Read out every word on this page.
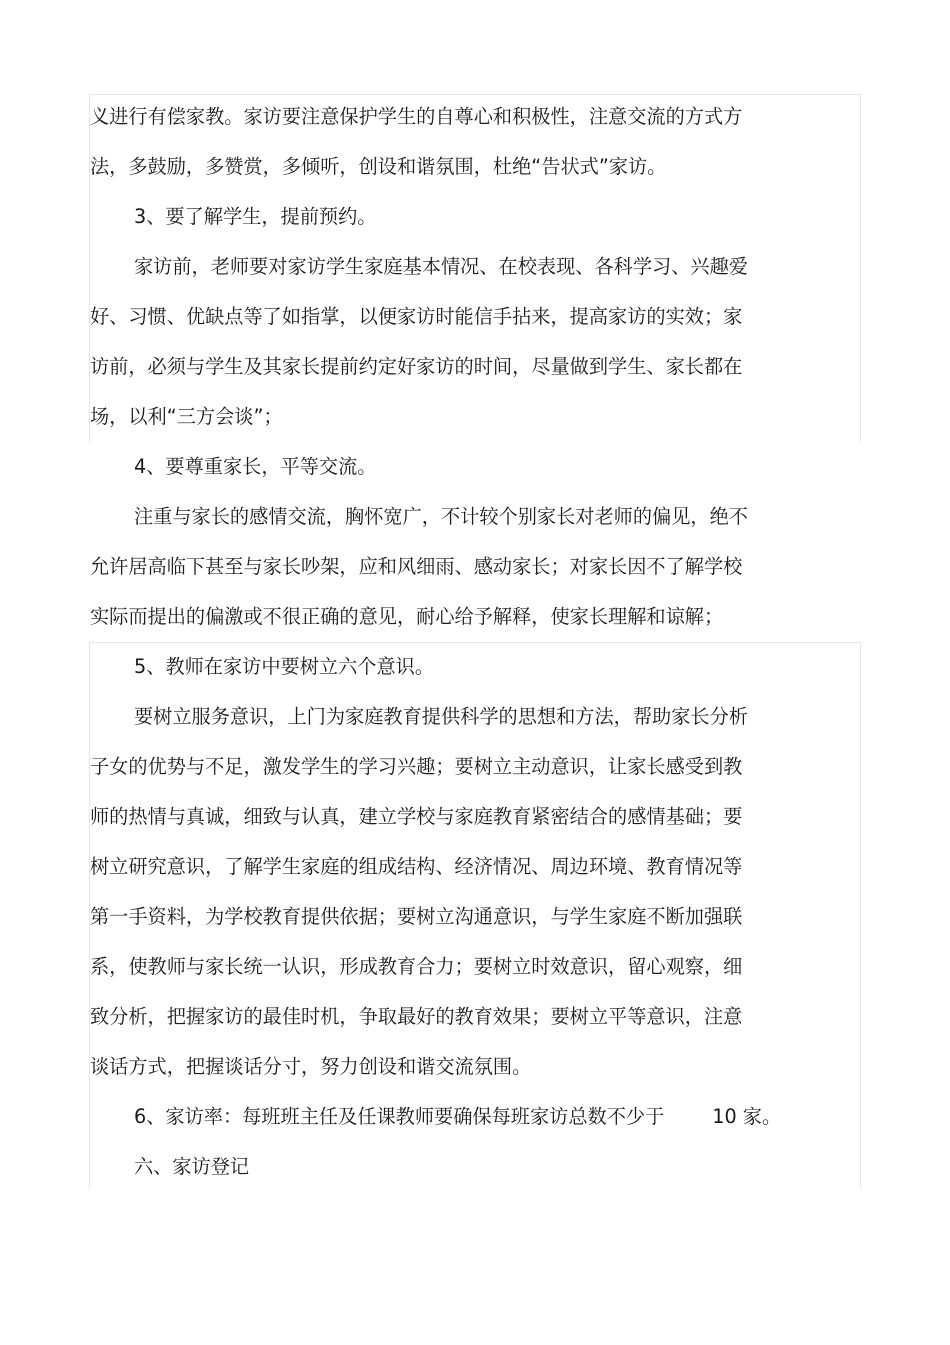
义进行有偿家教。家访要注意保护学生的自尊心和积极性，注意交流的方式方

法，多鼓励，多赞赏，多倾听，创设和谐氛围，杜绝“告状式”家访。

3、要了解学生，提前预约。

家访前，老师要对家访学生家庭基本情况、在校表现、各科学习、兴趣爱

好、习惯、优缺点等了如指掌，以便家访时能信手拈来，提高家访的实效；家

访前，必须与学生及其家长提前约定好家访的时间，尽量做到学生、家长都在

场，以利“三方会谈”；

4、要尊重家长，平等交流。

注重与家长的感情交流，胸怀宽广，不计较个别家长对老师的偏见，绝不

允许居高临下甚至与家长吵架，应和风细雨、感动家长；对家长因不了解学校

实际而提出的偏激或不很正确的意见，耐心给予解释，使家长理解和谅解；

5、教师在家访中要树立六个意识。

要树立服务意识，上门为家庭教育提供科学的思想和方法，帮助家长分析

子女的优势与不足，激发学生的学习兴趣；要树立主动意识，让家长感受到教

师的热情与真诚，细致与认真，建立学校与家庭教育紧密结合的感情基础；要

树立研究意识，了解学生家庭的组成结构、经济情况、周边环境、教育情况等

第一手资料，为学校教育提供依据；要树立沟通意识，与学生家庭不断加强联

系，使教师与家长统一认识，形成教育合力；要树立时效意识，留心观察，细

致分析，把握家访的最佳时机，争取最好的教育效果；要树立平等意识，注意

谈话方式，把握谈话分寸，努力创设和谐交流氛围。

6、家访率：每班班主任及任课教师要确保每班家访总数不少于	10 家。

六、家访登记
